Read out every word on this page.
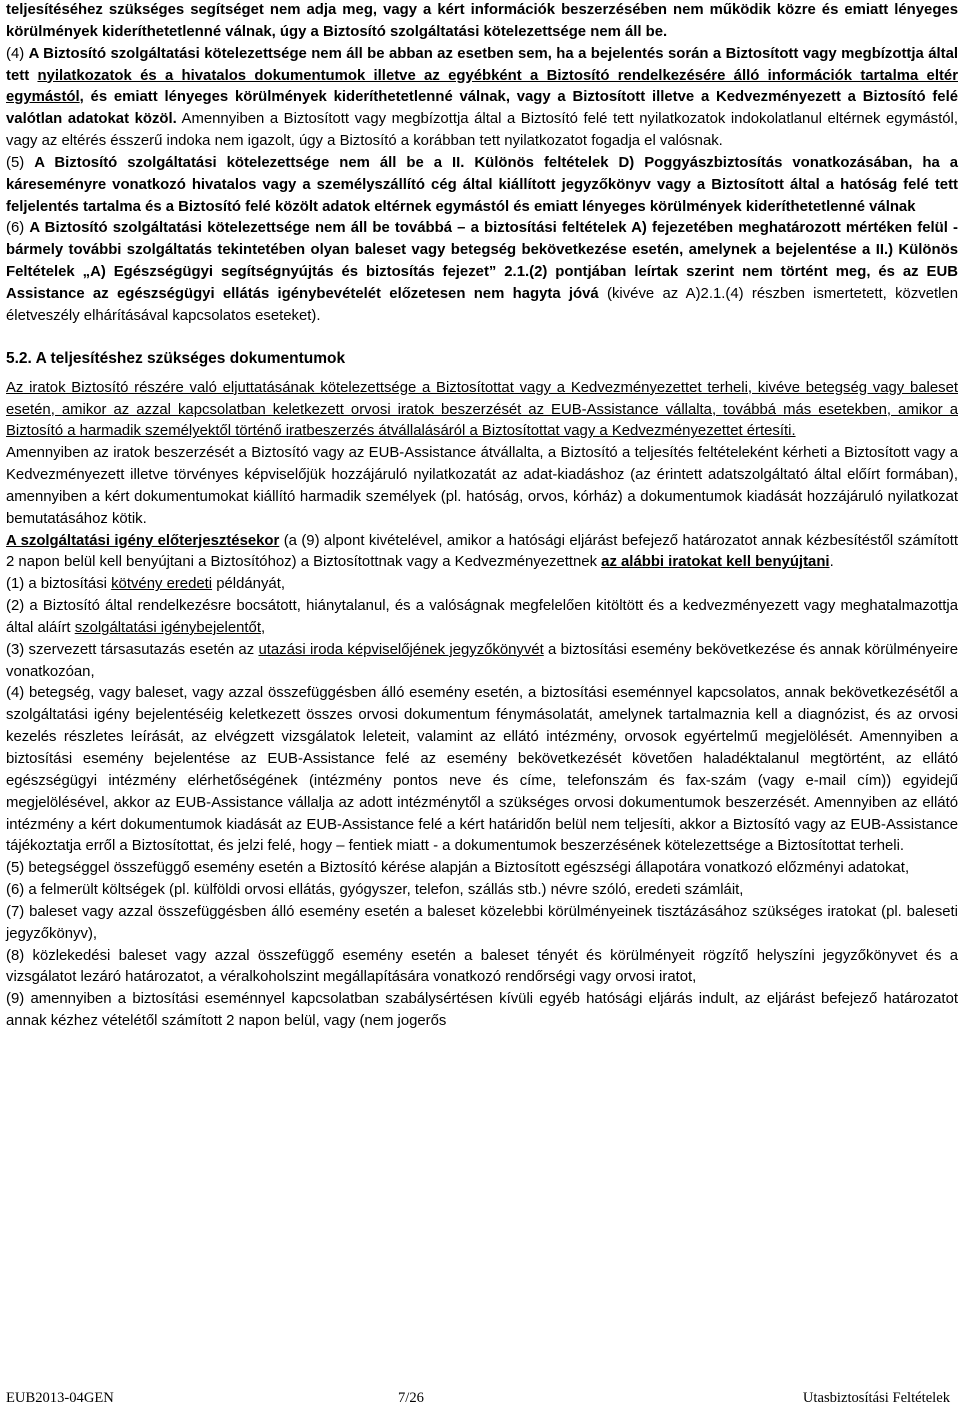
teljesítéséhez szükséges segítséget nem adja meg, vagy a kért információk beszerzésében nem működik közre és emiatt lényeges körülmények kideríthetetlenné válnak, úgy a Biztosító szolgáltatási kötelezettsége nem áll be.
(4) A Biztosító szolgáltatási kötelezettsége nem áll be abban az esetben sem, ha a bejelentés során a Biztosított vagy megbízottja által tett nyilatkozatok és a hivatalos dokumentumok illetve az egyébként a Biztosító rendelkezésére álló információk tartalma eltér egymástól, és emiatt lényeges körülmények kideríthetetlenné válnak, vagy a Biztosított illetve a Kedvezményezett a Biztosító felé valótlan adatokat közöl. Amennyiben a Biztosított vagy megbízottja által a Biztosító felé tett nyilatkozatok indokolatlanul eltérnek egymástól, vagy az eltérés ésszerű indoka nem igazolt, úgy a Biztosító a korábban tett nyilatkozatot fogadja el valósnak.
(5) A Biztosító szolgáltatási kötelezettsége nem áll be a II. Különös feltételek D) Poggyászbiztosítás vonatkozásában, ha a káreseményre vonatkozó hivatalos vagy a személyszállító cég által kiállított jegyzőkönyv vagy a Biztosított által a hatóság felé tett feljelentés tartalma és a Biztosító felé közölt adatok eltérnek egymástól és emiatt lényeges körülmények kideríthetetlenné válnak
(6) A Biztosító szolgáltatási kötelezettsége nem áll be továbbá – a biztosítási feltételek A) fejezetében meghatározott mértéken felül - bármely további szolgáltatás tekintetében olyan baleset vagy betegség bekövetkezése esetén, amelynek a bejelentése a II.) Különös Feltételek „A) Egészségügyi segítségnyújtás és biztosítás fejezet” 2.1.(2) pontjában leírtak szerint nem történt meg, és az EUB Assistance az egészségügyi ellátás igénybevételét előzetesen nem hagyta jóvá (kivéve az A)2.1.(4) részben ismertetett, közvetlen életveszély elhárításával kapcsolatos eseteket).
5.2. A teljesítéshez szükséges dokumentumok
Az iratok Biztosító részére való eljuttatásának kötelezettsége a Biztosítottat vagy a Kedvezményezettet terheli, kivéve betegség vagy baleset esetén, amikor az azzal kapcsolatban keletkezett orvosi iratok beszerzését az EUB-Assistance vállalta, továbbá más esetekben, amikor a Biztosító a harmadik személyektől történő iratbeszerzés átvállalásáról a Biztosítottat vagy a Kedvezményezettet értesíti.
Amennyiben az iratok beszerzését a Biztosító vagy az EUB-Assistance átvállalta, a Biztosító a teljesítés feltételeként kérheti a Biztosított vagy a Kedvezményezett illetve törvényes képviselőjük hozzájáruló nyilatkozatát az adat-kiadáshoz (az érintett adatszolgáltató által előírt formában), amennyiben a kért dokumentumokat kiállító harmadik személyek (pl. hatóság, orvos, kórház) a dokumentumok kiadását hozzájáruló nyilatkozat bemutatásához kötik.
A szolgáltatási igény előterjesztésekor (a (9) alpont kivételével, amikor a hatósági eljárást befejező határozatot annak kézbesítéstől számított 2 napon belül kell benyújtani a Biztosítóhoz) a Biztosítottnak vagy a Kedvezményezettnek az alábbi iratokat kell benyújtani.
(1) a biztosítási kötvény eredeti példányát,
(2) a Biztosító által rendelkezésre bocsátott, hiánytalanul, és a valóságnak megfelelően kitöltött és a kedvezményezett vagy meghatalmazottja által aláírt szolgáltatási igénybejelentőt,
(3) szervezett társasutazás esetén az utazási iroda képviselőjének jegyzőkönyvét a biztosítási esemény bekövetkezése és annak körülményeire vonatkozóan,
(4) betegség, vagy baleset, vagy azzal összefüggésben álló esemény esetén, a biztosítási eseménnyel kapcsolatos, annak bekövetkezésétől a szolgáltatási igény bejelentéséig keletkezett összes orvosi dokumentum fénymásolatát, amelynek tartalmaznia kell a diagnózist, és az orvosi kezelés részletes leírását, az elvégzett vizsgálatok leleteit, valamint az ellátó intézmény, orvosok egyértelmű megjelölését. Amennyiben a biztosítási esemény bejelentése az EUB-Assistance felé az esemény bekövetkezését követően haladéktalanul megtörtént, az ellátó egészségügyi intézmény elérhetőségének (intézmény pontos neve és címe, telefonszám és fax-szám (vagy e-mail cím)) egyidejű megjelölésével, akkor az EUB-Assistance vállalja az adott intézménytől a szükséges orvosi dokumentumok beszerzését. Amennyiben az ellátó intézmény a kért dokumentumok kiadását az EUB-Assistance felé a kért határidőn belül nem teljesíti, akkor a Biztosító vagy az EUB-Assistance tájékoztatja erről a Biztosítottat, és jelzi felé, hogy – fentiek miatt - a dokumentumok beszerzésének kötelezettsége a Biztosítottat terheli.
(5) betegséggel összefüggő esemény esetén a Biztosító kérése alapján a Biztosított egészségi állapotára vonatkozó előzményi adatokat,
(6) a felmerült költségek (pl. külföldi orvosi ellátás, gyógyszer, telefon, szállás stb.) névre szóló, eredeti számláit,
(7) baleset vagy azzal összefüggésben álló esemény esetén a baleset közelebbi körülményeinek tisztázásához szükséges iratokat (pl. baleseti jegyzőkönyv),
(8) közlekedési baleset vagy azzal összefüggő esemény esetén a baleset tényét és körülményeit rögzítő helyszíni jegyzőkönyvet és a vizsgálatot lezáró határozatot, a véralkoholszint megállapítására vonatkozó rendőrségi vagy orvosi iratot,
(9) amennyiben a biztosítási eseménnyel kapcsolatban szabálysértésen kívüli egyéb hatósági eljárás indult, az eljárást befejező határozatot annak kézhez vételétől számított 2 napon belül, vagy (nem jogerős
EUB2013-04GEN	7/26	Utasbiztosítási Feltételek
